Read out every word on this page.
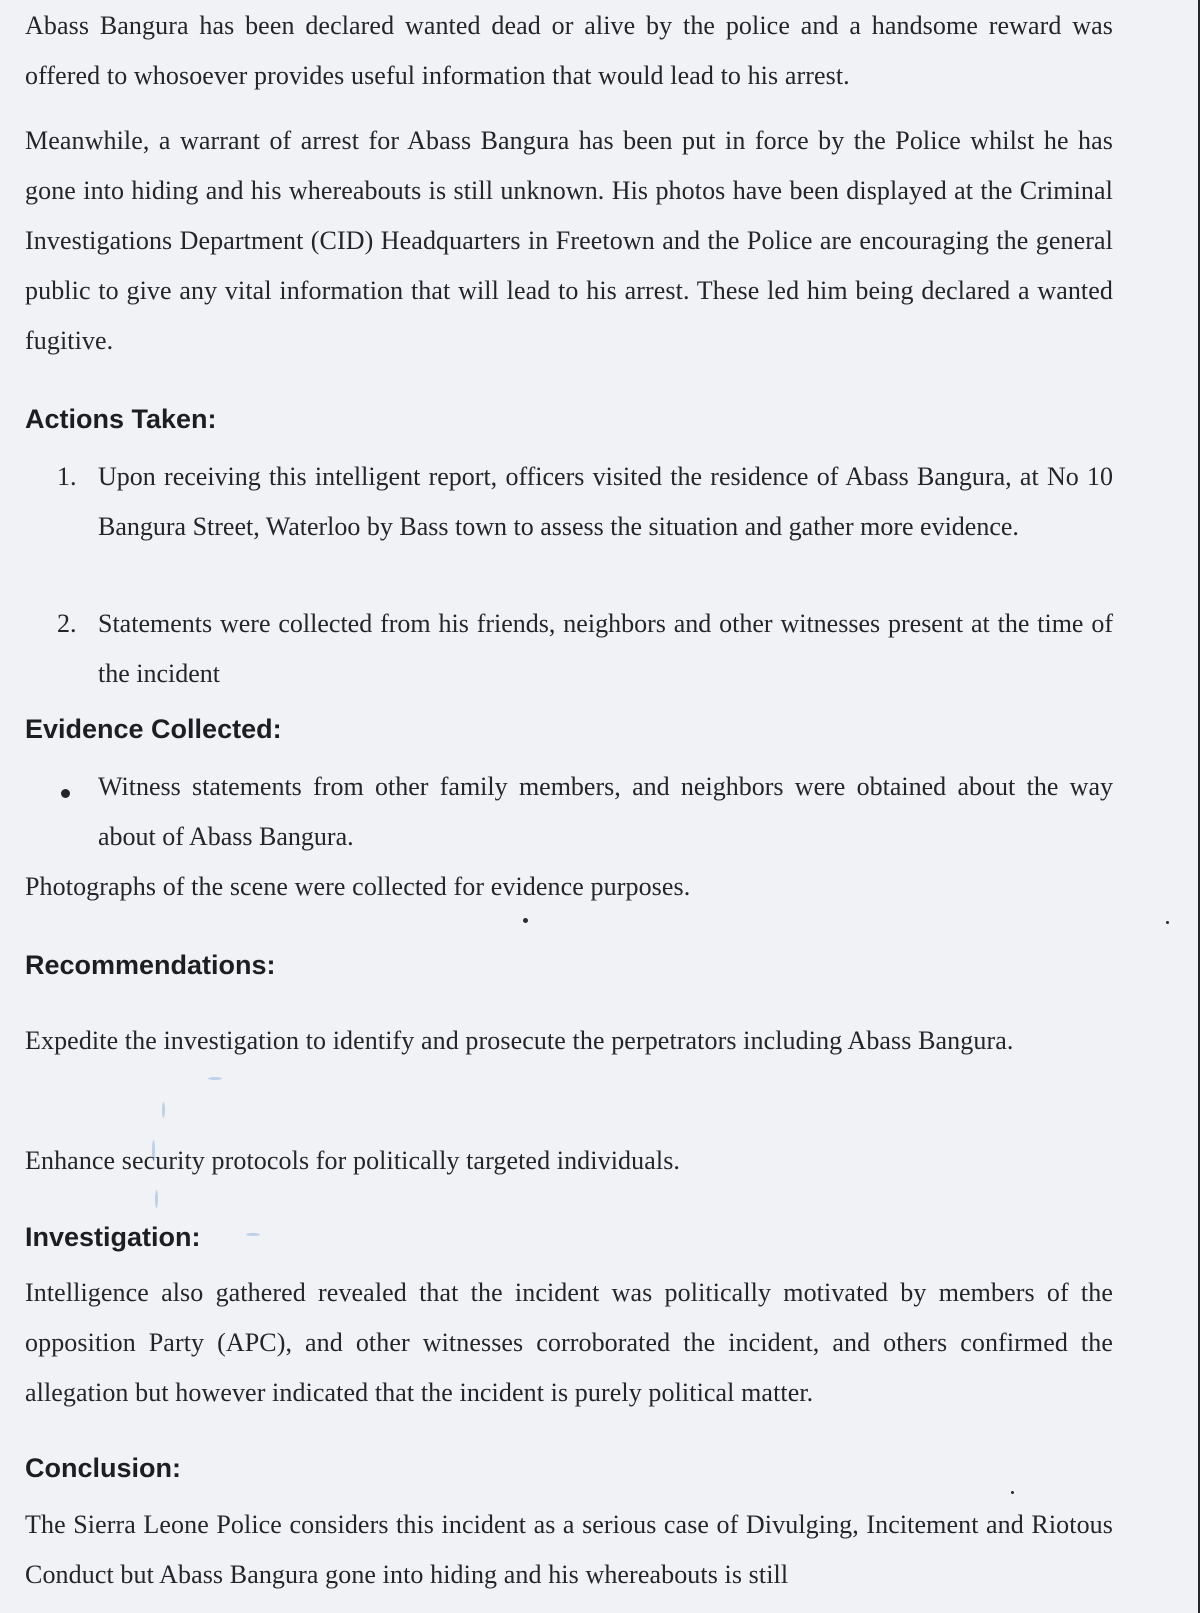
Abass Bangura has been declared wanted dead or alive by the police and a handsome reward was offered to whosoever provides useful information that would lead to his arrest.

Meanwhile, a warrant of arrest for Abass Bangura has been put in force by the Police whilst he has gone into hiding and his whereabouts is still unknown. His photos have been displayed at the Criminal Investigations Department (CID) Headquarters in Freetown and the Police are encouraging the general public to give any vital information that will lead to his arrest. These led him being declared a wanted fugitive.

Actions Taken:
1. Upon receiving this intelligent report, officers visited the residence of Abass Bangura, at No 10 Bangura Street, Waterloo by Bass town to assess the situation and gather more evidence.

2. Statements were collected from his friends, neighbors and other witnesses present at the time of the incident

Evidence Collected:

Witness statements from other family members, and neighbors were obtained about the way about of Abass Bangura.

Photographs of the scene were collected for evidence purposes.

Recommendations:

Expedite the investigation to identify and prosecute the perpetrators including Abass Bangura.

Enhance security protocols for politically targeted individuals.

Investigation:

Intelligence also gathered revealed that the incident was politically motivated by members of the opposition Party (APC), and other witnesses corroborated the incident, and others confirmed the allegation but however indicated that the incident is purely political matter.

Conclusion:

The Sierra Leone Police considers this incident as a serious case of Divulging, Incitement and Riotous Conduct but Abass Bangura gone into hiding and his whereabouts is still
